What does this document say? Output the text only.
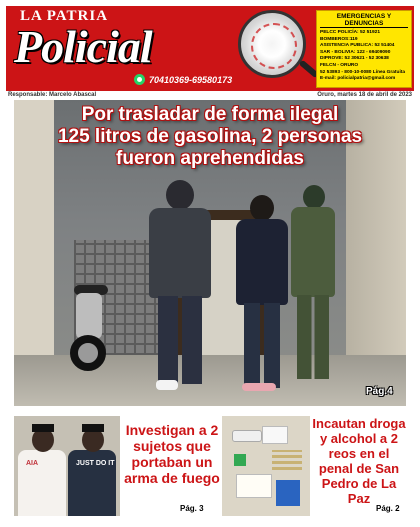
LA PATRIA
Policial
70410369-69580173
EMERGENCIAS Y DENUNCIAS
PELCC POLICÍA: 52 51921
BOMBEROS:119
ASISTENCIA PUBLICA: 52 51404
SAR - BOLIVIA: 122 - 69409090
DIPROVE: 52 30621 - 52 30638
FELCN - ORURO
52 53893 - 800-10-0080 Línea Gratuita
E-mail: policialpatria@gmail.com
Responsable: Marcelo Abascal	Oruro, martes 18 de abril de 2023
Por trasladar de forma ilegal
125 litros de gasolina, 2 personas
fueron aprehendidas
Pág.4
AIA	JUST DO IT
Investigan a 2 sujetos que portaban un arma de fuego
Pág. 3
Incautan droga y alcohol a 2 reos en el penal de San Pedro de La Paz
Pág. 2
